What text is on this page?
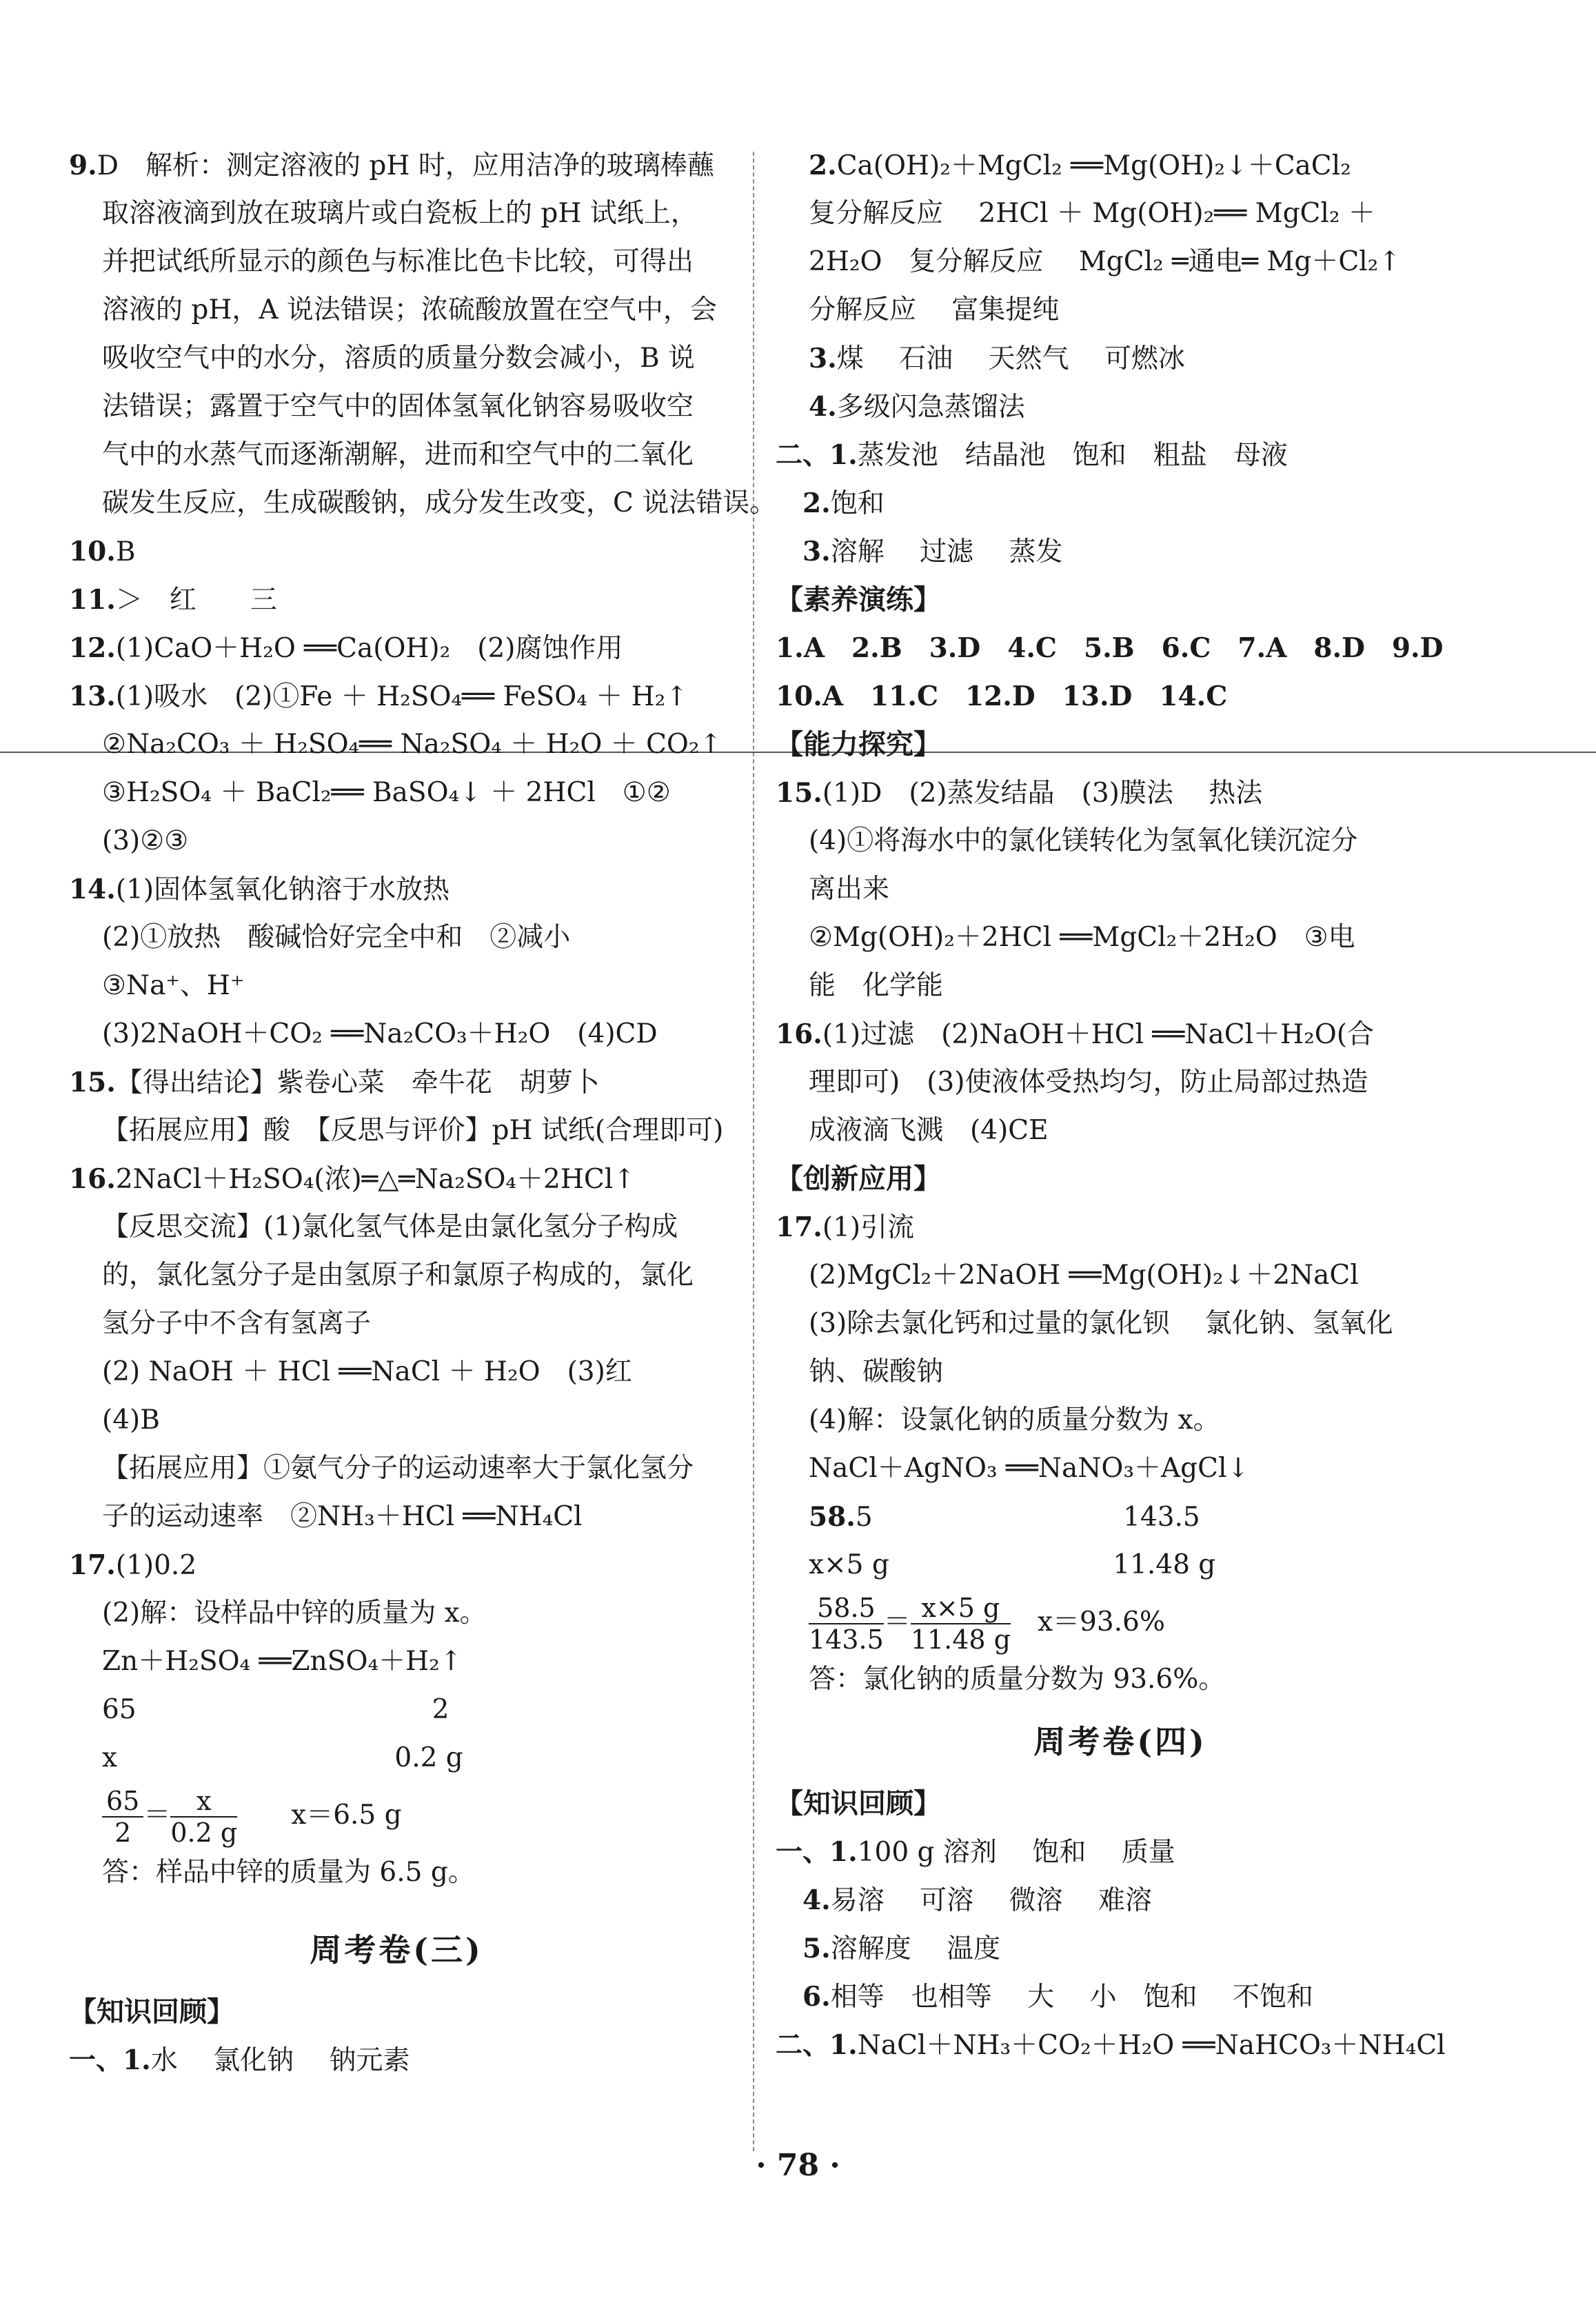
9.D　解析：测定溶液的 pH 时，应用洁净的玻璃棒蘸
取溶液滴到放在玻璃片或白瓷板上的 pH 试纸上，
并把试纸所显示的颜色与标准比色卡比较，可得出
溶液的 pH，A 说法错误；浓硫酸放置在空气中，会
吸收空气中的水分，溶质的质量分数会减小，B 说
法错误；露置于空气中的固体氢氧化钠容易吸收空
气中的水蒸气而逐渐潮解，进而和空气中的二氧化
碳发生反应，生成碳酸钠，成分发生改变，C 说法错误。
10.B
11.＞　红　　三
12.(1)CaO＋H₂O ══Ca(OH)₂　(2)腐蚀作用
13.(1)吸水　(2)①Fe ＋ H₂SO₄══ FeSO₄ ＋ H₂↑
②Na₂CO₃ ＋ H₂SO₄══ Na₂SO₄ ＋ H₂O ＋ CO₂↑
③H₂SO₄ ＋ BaCl₂══ BaSO₄↓ ＋ 2HCl　①②
(3)②③
14.(1)固体氢氧化钠溶于水放热
(2)①放热　酸碱恰好完全中和　②减小
③Na⁺、H⁺
(3)2NaOH＋CO₂ ══Na₂CO₃＋H₂O　(4)CD
15.【得出结论】紫卷心菜　牵牛花　胡萝卜
【拓展应用】酸　【反思与评价】pH 试纸(合理即可)
16.2NaCl＋H₂SO₄(浓)═△═Na₂SO₄＋2HCl↑
【反思交流】(1)氯化氢气体是由氯化氢分子构成
的，氯化氢分子是由氢原子和氯原子构成的，氯化
氢分子中不含有氢离子
(2) NaOH ＋ HCl ══NaCl ＋ H₂O　(3)红
(4)B
【拓展应用】①氨气分子的运动速率大于氯化氢分
子的运动速率　②NH₃＋HCl ══NH₄Cl
17.(1)0.2
(2)解：设样品中锌的质量为 x。
Zn＋H₂SO₄ ══ZnSO₄＋H₂↑
65　　　　　　　　　　　2
x　　　　　　　　　　 0.2 g
$\frac{65}{2} = \frac{x}{0.2 g}$ 　　x＝6.5 g
答：样品中锌的质量为 6.5 g。
周考卷(三)
【知识回顾】
一、1.水　 氯化钠　 钠元素
2.Ca(OH)₂＋MgCl₂ ══Mg(OH)₂↓＋CaCl₂
复分解反应　 2HCl ＋ Mg(OH)₂══ MgCl₂ ＋
2H₂O　复分解反应　 MgCl₂ ═通电═ Mg＋Cl₂↑
分解反应　 富集提纯
3.煤　 石油　 天然气　 可燃冰
4.多级闪急蒸馏法
二、1.蒸发池　结晶池　饱和　粗盐　母液
　2.饱和
　3.溶解　 过滤　 蒸发
【素养演练】
1.A　2.B　3.D　4.C　5.B　6.C　7.A　8.D　9.D
10.A　11.C　12.D　13.D　14.C
【能力探究】
15.(1)D　(2)蒸发结晶　(3)膜法　 热法
(4)①将海水中的氯化镁转化为氢氧化镁沉淀分
离出来
②Mg(OH)₂＋2HCl ══MgCl₂＋2H₂O　③电
能　化学能
16.(1)过滤　(2)NaOH＋HCl ══NaCl＋H₂O(合
理即可)　(3)使液体受热均匀，防止局部过热造
成液滴飞溅　(4)CE
【创新应用】
17.(1)引流
(2)MgCl₂＋2NaOH ══Mg(OH)₂↓＋2NaCl
(3)除去氯化钙和过量的氯化钡　 氯化钠、氢氧化
钠、碳酸钠
(4)解：设氯化钠的质量分数为 x。
NaCl＋AgNO₃ ══NaNO₃＋AgCl↓
58.5　　　　　　　　　 143.5
x×5 g　　　　　　　　 11.48 g
$\frac{58.5}{143.5} = \frac{x\times 5 g}{11.48 g}$ 　x＝93.6%
答：氯化钠的质量分数为 93.6%。
周考卷(四)
【知识回顾】
一、1.100 g 溶剂　 饱和　 质量
　4.易溶　 可溶　 微溶　 难溶
　5.溶解度　 温度
　6.相等　也相等　 大　 小　饱和　 不饱和
二、1.NaCl＋NH₃＋CO₂＋H₂O ══NaHCO₃＋NH₄Cl
· 78 ·
